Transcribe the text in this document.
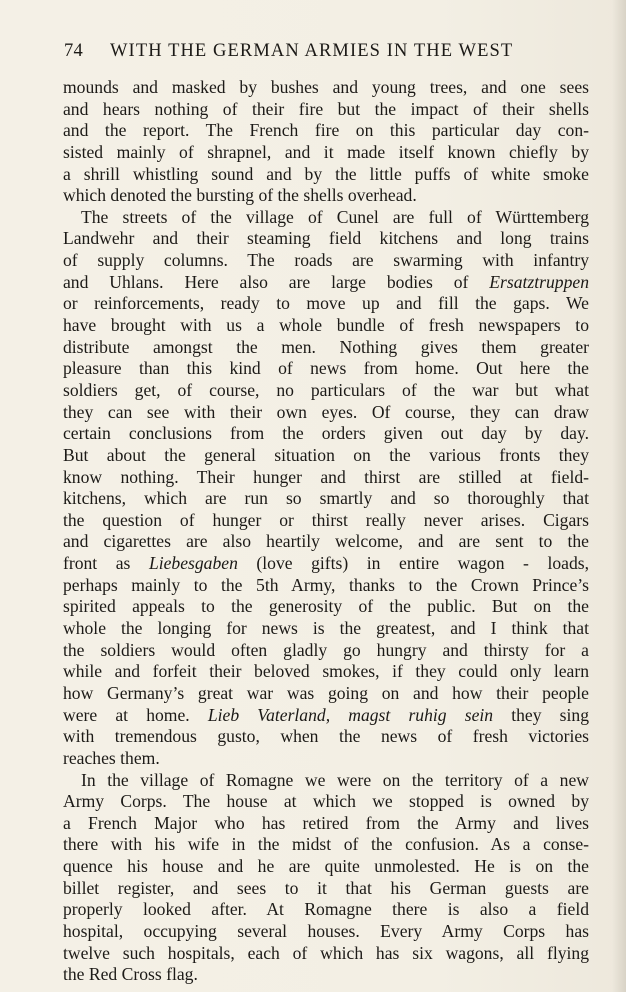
74 WITH THE GERMAN ARMIES IN THE WEST
mounds and masked by bushes and young trees, and one sees
and hears nothing of their fire but the impact of their shells
and the report. The French fire on this particular day con-
sisted mainly of shrapnel, and it made itself known chiefly by
a shrill whistling sound and by the little puffs of white smoke
which denoted the bursting of the shells overhead.
The streets of the village of Cunel are full of Württemberg
Landwehr and their steaming field kitchens and long trains
of supply columns. The roads are swarming with infantry
and Uhlans. Here also are large bodies of Ersatztruppen
or reinforcements, ready to move up and fill the gaps. We
have brought with us a whole bundle of fresh newspapers to
distribute amongst the men. Nothing gives them greater
pleasure than this kind of news from home. Out here the
soldiers get, of course, no particulars of the war but what
they can see with their own eyes. Of course, they can draw
certain conclusions from the orders given out day by day.
But about the general situation on the various fronts they
know nothing. Their hunger and thirst are stilled at field-
kitchens, which are run so smartly and so thoroughly that
the question of hunger or thirst really never arises. Cigars
and cigarettes are also heartily welcome, and are sent to the
front as Liebesgaben (love gifts) in entire wagon - loads,
perhaps mainly to the 5th Army, thanks to the Crown Prince’s
spirited appeals to the generosity of the public. But on the
whole the longing for news is the greatest, and I think that
the soldiers would often gladly go hungry and thirsty for a
while and forfeit their beloved smokes, if they could only learn
how Germany’s great war was going on and how their people
were at home. Lieb Vaterland, magst ruhig sein they sing
with tremendous gusto, when the news of fresh victories
reaches them.
In the village of Romagne we were on the territory of a new
Army Corps. The house at which we stopped is owned by
a French Major who has retired from the Army and lives
there with his wife in the midst of the confusion. As a conse-
quence his house and he are quite unmolested. He is on the
billet register, and sees to it that his German guests are
properly looked after. At Romagne there is also a field
hospital, occupying several houses. Every Army Corps has
twelve such hospitals, each of which has six wagons, all flying
the Red Cross flag.
